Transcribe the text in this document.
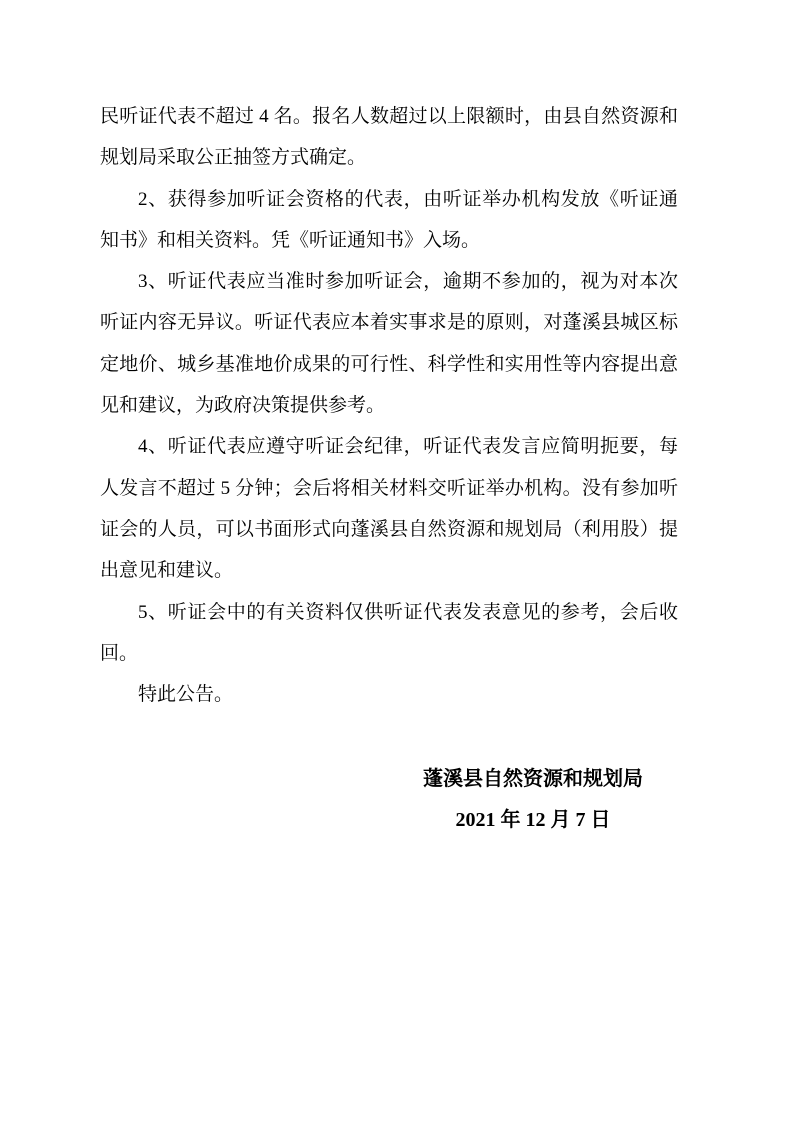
民听证代表不超过 4 名。报名人数超过以上限额时，由县自然资源和
规划局采取公正抽签方式确定。
2、获得参加听证会资格的代表，由听证举办机构发放《听证通
知书》和相关资料。凭《听证通知书》入场。
3、听证代表应当准时参加听证会，逾期不参加的，视为对本次
听证内容无异议。听证代表应本着实事求是的原则，对蓬溪县城区标
定地价、城乡基准地价成果的可行性、科学性和实用性等内容提出意
见和建议，为政府决策提供参考。
4、听证代表应遵守听证会纪律，听证代表发言应简明扼要，每
人发言不超过 5 分钟；会后将相关材料交听证举办机构。没有参加听
证会的人员，可以书面形式向蓬溪县自然资源和规划局（利用股）提
出意见和建议。
5、听证会中的有关资料仅供听证代表发表意见的参考，会后收
回。
特此公告。
蓬溪县自然资源和规划局
2021 年 12 月 7 日
